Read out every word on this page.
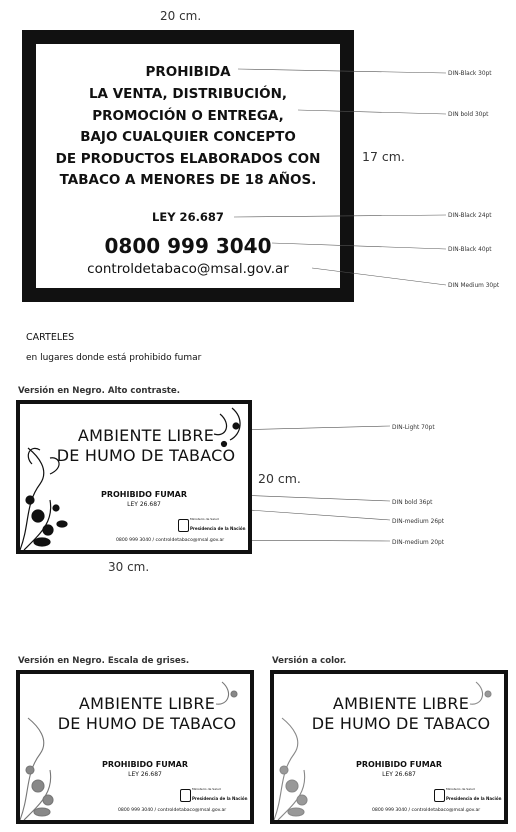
20 cm.
PROHIBIDA
LA VENTA, DISTRIBUCIÓN,
PROMOCIÓN O ENTREGA,
BAJO CUALQUIER CONCEPTO
DE PRODUCTOS ELABORADOS CON
TABACO A MENORES DE 18 AÑOS.
LEY 26.687
0800 999 3040
controldetabaco@msal.gov.ar
17 cm.
DIN-Black 30pt
DIN bold 30pt
DIN-Black 24pt
DIN-Black 40pt
DIN Medium 30pt
CARTELES
en lugares donde está prohibido fumar
Versión en Negro. Alto contraste.
AMBIENTE LIBRE
DE HUMO DE TABACO
PROHIBIDO FUMAR
LEY 26.687
Ministerio de Salud
Presidencia de la Nación
0800 999 3040 / controldetabaco@msal.gov.ar
20 cm.
30 cm.
DIN-Light 70pt
DIN bold 36pt
DIN-medium 26pt
DIN-medium 20pt
Versión en Negro. Escala de grises.
AMBIENTE LIBRE
DE HUMO DE TABACO
PROHIBIDO FUMAR
LEY 26.687
Ministerio de Salud
Presidencia de la Nación
0800 999 3040 / controldetabaco@msal.gov.ar
Versión a color.
AMBIENTE LIBRE
DE HUMO DE TABACO
PROHIBIDO FUMAR
LEY 26.687
Ministerio de Salud
Presidencia de la Nación
0800 999 3040 / controldetabaco@msal.gov.ar
